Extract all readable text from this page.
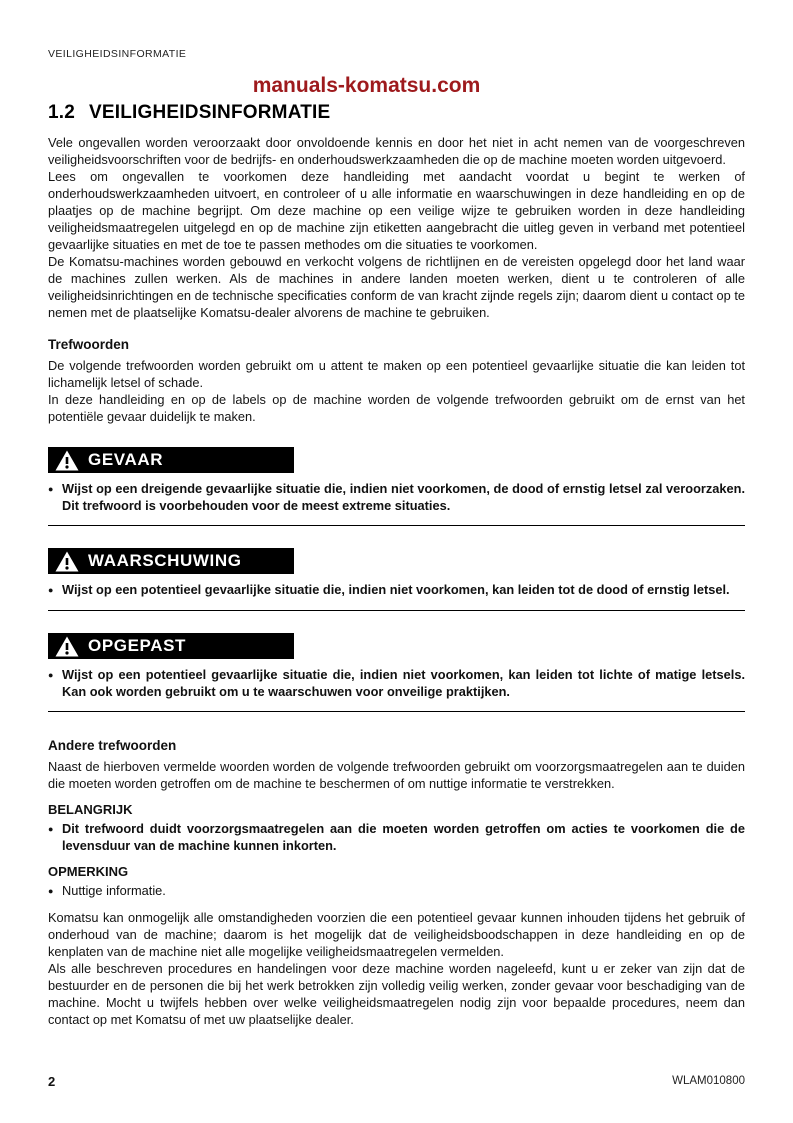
VEILIGHEIDSINFORMATIE
manuals-komatsu.com
1.2 VEILIGHEIDSINFORMATIE

Vele ongevallen worden veroorzaakt door onvoldoende kennis en door het niet in acht nemen van de voorgeschreven veiligheidsvoorschriften voor de bedrijfs- en onderhoudswerkzaamheden die op de machine moeten worden uitgevoerd.

Lees om ongevallen te voorkomen deze handleiding met aandacht voordat u begint te werken of onderhoudswerkzaamheden uitvoert, en controleer of u alle informatie en waarschuwingen in deze handleiding en op de plaatjes op de machine begrijpt. Om deze machine op een veilige wijze te gebruiken worden in deze handleiding veiligheidsmaatregelen uitgelegd en op de machine zijn etiketten aangebracht die uitleg geven in verband met potentieel gevaarlijke situaties en met de toe te passen methodes om die situaties te voorkomen.

De Komatsu-machines worden gebouwd en verkocht volgens de richtlijnen en de vereisten opgelegd door het land waar de machines zullen werken. Als de machines in andere landen moeten werken, dient u te controleren of alle veiligheidsinrichtingen en de technische specificaties conform de van kracht zijnde regels zijn; daarom dient u contact op te nemen met de plaatselijke Komatsu-dealer alvorens de machine te gebruiken.

Trefwoorden

De volgende trefwoorden worden gebruikt om u attent te maken op een potentieel gevaarlijke situatie die kan leiden tot lichamelijk letsel of schade.

In deze handleiding en op de labels op de machine worden de volgende trefwoorden gebruikt om de ernst van het potentiële gevaar duidelijk te maken.

GEVAAR
● Wijst op een dreigende gevaarlijke situatie die, indien niet voorkomen, de dood of ernstig letsel zal veroorzaken. Dit trefwoord is voorbehouden voor de meest extreme situaties.
WAARSCHUWING
● Wijst op een potentieel gevaarlijke situatie die, indien niet voorkomen, kan leiden tot de dood of ernstig letsel.
OPGEPAST
● Wijst op een potentieel gevaarlijke situatie die, indien niet voorkomen, kan leiden tot lichte of matige letsels. Kan ook worden gebruikt om u te waarschuwen voor onveilige praktijken.
Andere trefwoorden

Naast de hierboven vermelde woorden worden de volgende trefwoorden gebruikt om voorzorgsmaatregelen aan te duiden die moeten worden getroffen om de machine te beschermen of om nuttige informatie te verstrekken.

BELANGRIJK
● Dit trefwoord duidt voorzorgsmaatregelen aan die moeten worden getroffen om acties te voorkomen die de levensduur van de machine kunnen inkorten.
OPMERKING
● Nuttige informatie.

Komatsu kan onmogelijk alle omstandigheden voorzien die een potentieel gevaar kunnen inhouden tijdens het gebruik of onderhoud van de machine; daarom is het mogelijk dat de veiligheidsboodschappen in deze handleiding en op de kenplaten van de machine niet alle mogelijke veiligheidsmaatregelen vermelden.

Als alle beschreven procedures en handelingen voor deze machine worden nageleefd, kunt u er zeker van zijn dat de bestuurder en de personen die bij het werk betrokken zijn volledig veilig werken, zonder gevaar voor beschadiging van de machine. Mocht u twijfels hebben over welke veiligheidsmaatregelen nodig zijn voor bepaalde procedures, neem dan contact op met Komatsu of met uw plaatselijke dealer.

2	WLAM010800
